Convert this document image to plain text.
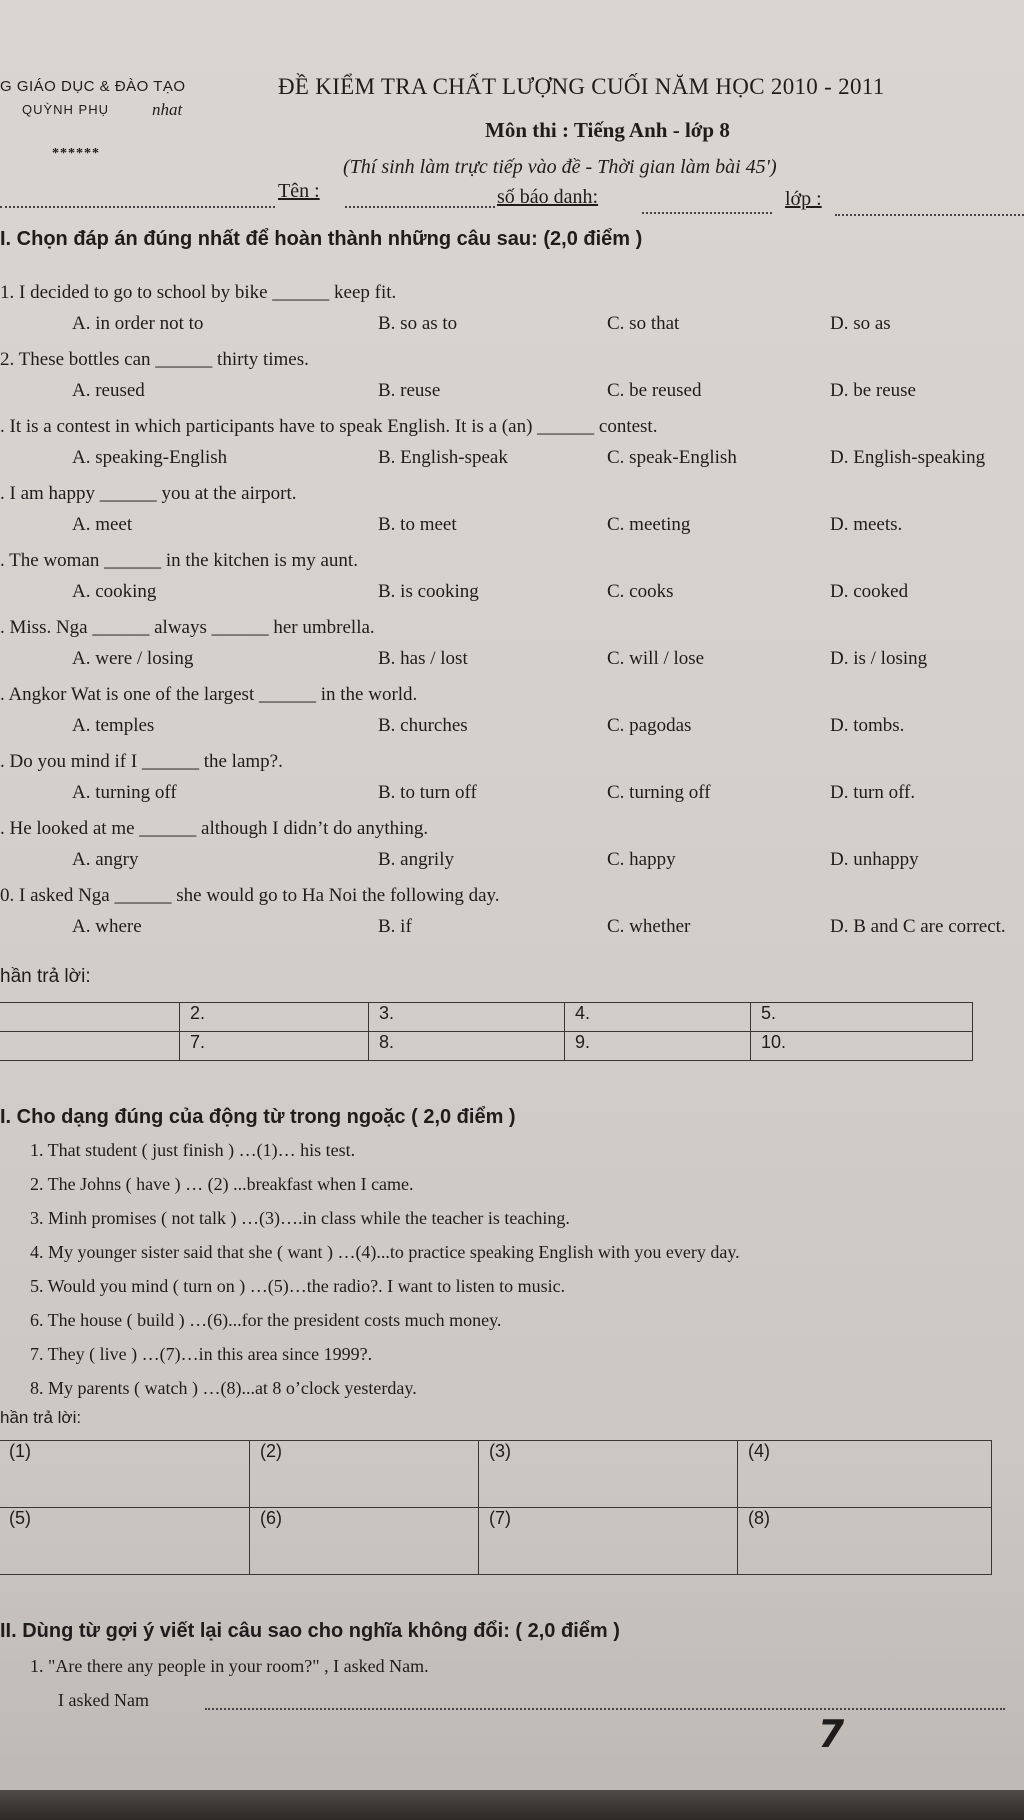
G GIÁO DỤC & ĐÀO TẠO
QUỲNH PHỤ	nhat
******
ĐỀ KIỂM TRA CHẤT LƯỢNG CUỐI NĂM HỌC 2010 - 2011
Môn thi : Tiếng Anh - lớp 8
(Thí sinh làm trực tiếp vào đề - Thời gian làm bài 45')
Tên :	số báo danh:	lớp :
I. Chọn đáp án đúng nhất để hoàn thành những câu sau: (2,0 điểm )
1. I decided to go to school by bike ______ keep fit.
A. in order not to	B. so as to	C. so that	D. so as
2. These bottles can ______ thirty times.
A. reused	B. reuse	C. be reused	D. be reuse
. It is a contest in which participants have to speak English. It is a (an) ______ contest.
A. speaking-English	B. English-speak	C. speak-English	D. English-speaking
. I am happy ______ you at the airport.
A. meet	B. to meet	C. meeting	D. meets.
. The woman ______ in the kitchen is my aunt.
A. cooking	B. is cooking	C. cooks	D. cooked
. Miss. Nga ______ always ______ her umbrella.
A. were / losing	B. has / lost	C. will / lose	D. is / losing
. Angkor Wat is one of the largest ______ in the world.
A. temples	B. churches	C. pagodas	D. tombs.
. Do you mind if I ______ the lamp?.
A. turning off	B. to turn off	C. turning off	D. turn off.
. He looked at me ______ although I didn’t do anything.
A. angry	B. angrily	C. happy	D. unhappy
0. I asked Nga ______ she would go to Ha Noi the following day.
A. where	B. if	C. whether	D. B and C are correct.
hần trả lời:
	2.	3.	4.	5.
	7.	8.	9.	10.
I. Cho dạng đúng của động từ trong ngoặc ( 2,0 điểm )
1. That student ( just finish ) …(1)… his test.
2. The Johns ( have ) … (2) ...breakfast when I came.
3. Minh promises ( not talk ) …(3)….in class while the teacher is teaching.
4. My younger sister said that she ( want ) …(4)...to practice speaking English with you every day.
5. Would you mind ( turn on ) …(5)…the radio?. I want to listen to music.
6. The house ( build ) …(6)...for the president costs much money.
7. They ( live ) …(7)…in this area since 1999?.
8. My parents ( watch ) …(8)...at 8 o’clock yesterday.
hần trả lời:
(1)	(2)	(3)	(4)
(5)	(6)	(7)	(8)
II. Dùng từ gợi ý viết lại câu sao cho nghĩa không đổi: ( 2,0 điểm )
1. "Are there any people in your room?" , I asked Nam.
I asked Nam
7
